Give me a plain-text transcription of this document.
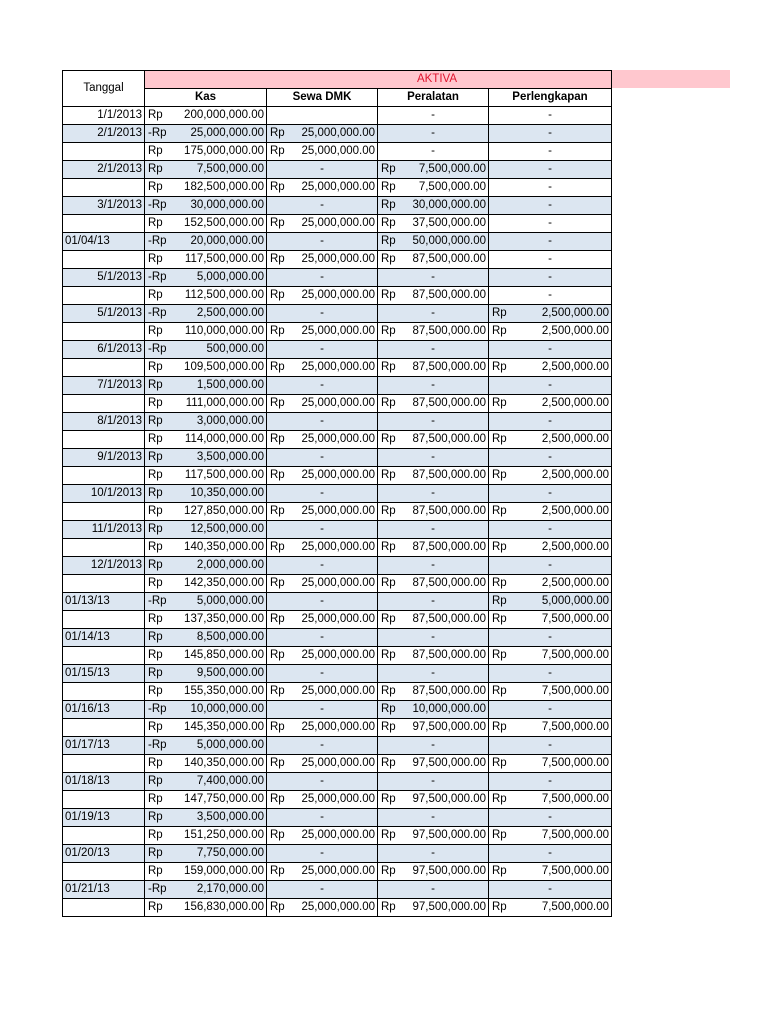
AKTIVA
Tanggal				
	Kas	Sewa DMK	Peralatan	Perlengkapan
1/1/2013	Rp 200,000,000.00		-	-

2/1/2013	-Rp 25,000,000.00	Rp 25,000,000.00	-	-

	Rp 175,000,000.00	Rp 25,000,000.00	-	-

2/1/2013	Rp 7,500,000.00	-	Rp 7,500,000.00	-

	Rp 182,500,000.00	Rp 25,000,000.00	Rp 7,500,000.00	-

3/1/2013	-Rp 30,000,000.00	-	Rp 30,000,000.00	-

	Rp 152,500,000.00	Rp 25,000,000.00	Rp 37,500,000.00	-

01/04/13	-Rp 20,000,000.00	-	Rp 50,000,000.00	-

	Rp 117,500,000.00	Rp 25,000,000.00	Rp 87,500,000.00	-

5/1/2013	-Rp 5,000,000.00	-	-	-

	Rp 112,500,000.00	Rp 25,000,000.00	Rp 87,500,000.00	-

5/1/2013	-Rp 2,500,000.00	-	-	Rp 2,500,000.00

	Rp 110,000,000.00	Rp 25,000,000.00	Rp 87,500,000.00	Rp 2,500,000.00

6/1/2013	-Rp 500,000.00	-	-	-

	Rp 109,500,000.00	Rp 25,000,000.00	Rp 87,500,000.00	Rp 2,500,000.00

7/1/2013	Rp 1,500,000.00	-	-	-

	Rp 111,000,000.00	Rp 25,000,000.00	Rp 87,500,000.00	Rp 2,500,000.00

8/1/2013	Rp 3,000,000.00	-	-	-

	Rp 114,000,000.00	Rp 25,000,000.00	Rp 87,500,000.00	Rp 2,500,000.00

9/1/2013	Rp 3,500,000.00	-	-	-

	Rp 117,500,000.00	Rp 25,000,000.00	Rp 87,500,000.00	Rp 2,500,000.00

10/1/2013	Rp 10,350,000.00	-	-	-

	Rp 127,850,000.00	Rp 25,000,000.00	Rp 87,500,000.00	Rp 2,500,000.00

11/1/2013	Rp 12,500,000.00	-	-	-

	Rp 140,350,000.00	Rp 25,000,000.00	Rp 87,500,000.00	Rp 2,500,000.00

12/1/2013	Rp 2,000,000.00	-	-	-

	Rp 142,350,000.00	Rp 25,000,000.00	Rp 87,500,000.00	Rp 2,500,000.00

01/13/13	-Rp 5,000,000.00	-	-	Rp 5,000,000.00

	Rp 137,350,000.00	Rp 25,000,000.00	Rp 87,500,000.00	Rp 7,500,000.00

01/14/13	Rp 8,500,000.00	-	-	-

	Rp 145,850,000.00	Rp 25,000,000.00	Rp 87,500,000.00	Rp 7,500,000.00

01/15/13	Rp 9,500,000.00	-	-	-

	Rp 155,350,000.00	Rp 25,000,000.00	Rp 87,500,000.00	Rp 7,500,000.00

01/16/13	-Rp 10,000,000.00	-	Rp 10,000,000.00	-

	Rp 145,350,000.00	Rp 25,000,000.00	Rp 97,500,000.00	Rp 7,500,000.00

01/17/13	-Rp 5,000,000.00	-	-	-

	Rp 140,350,000.00	Rp 25,000,000.00	Rp 97,500,000.00	Rp 7,500,000.00

01/18/13	Rp 7,400,000.00	-	-	-

	Rp 147,750,000.00	Rp 25,000,000.00	Rp 97,500,000.00	Rp 7,500,000.00

01/19/13	Rp 3,500,000.00	-	-	-

	Rp 151,250,000.00	Rp 25,000,000.00	Rp 97,500,000.00	Rp 7,500,000.00

01/20/13	Rp 7,750,000.00	-	-	-

	Rp 159,000,000.00	Rp 25,000,000.00	Rp 97,500,000.00	Rp 7,500,000.00

01/21/13	-Rp 2,170,000.00	-	-	-

	Rp 156,830,000.00	Rp 25,000,000.00	Rp 97,500,000.00	Rp 7,500,000.00
